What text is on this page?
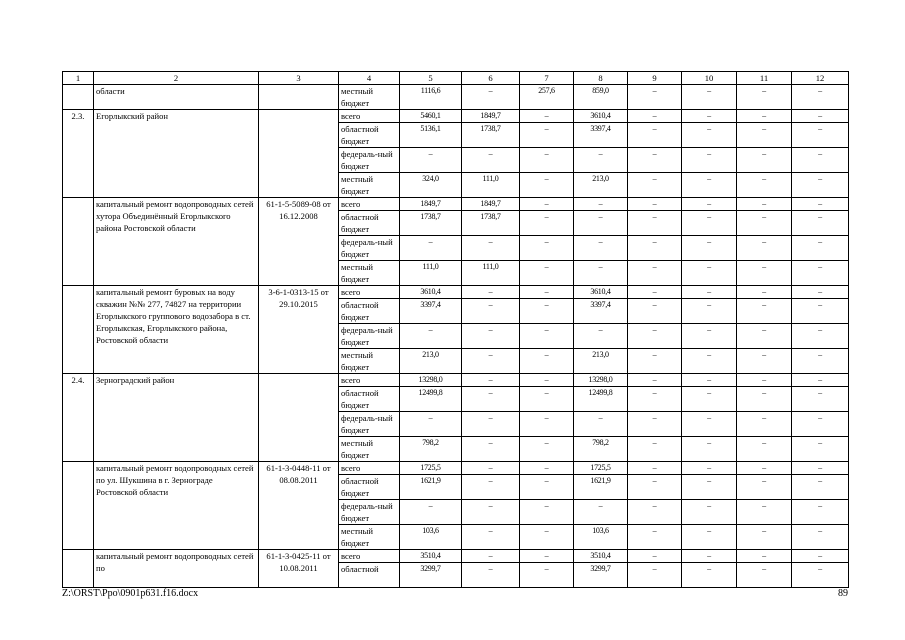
1	2	3	4	5	6	7	8	9	10	11	12
	области		местный бюджет	1116,6	–	257,6	859,0	–	–	–	–
2.3.	Егорлыкский район		всего	5460,1	1849,7	–	3610,4	–	–	–	–
			областной бюджет	5136,1	1738,7	–	3397,4	–	–	–	–
			федераль-ный бюджет	–	–	–	–	–	–	–	–
			местный бюджет	324,0	111,0	–	213,0	–	–	–	–
	капитальный ремонт водопроводных сетей хутора Объединённый Егорлыкского района Ростовской области	61-1-5-5089-08 от 16.12.2008	всего	1849,7	1849,7	–	–	–	–	–	–
			областной бюджет	1738,7	1738,7	–	–	–	–	–	–
			федераль-ный бюджет	–	–	–	–	–	–	–	–
			местный бюджет	111,0	111,0	–	–	–	–	–	–
	капитальный ремонт буровых на воду скважин №№ 277, 74827 на территории Егорлыкского группового водозабора в ст. Егорлыкская, Егорлыкского района, Ростовской области	3-6-1-0313-15 от 29.10.2015	всего	3610,4	–	–	3610,4	–	–	–	–
			областной бюджет	3397,4	–	–	3397,4	–	–	–	–
			федераль-ный бюджет	–	–	–	–	–	–	–	–
			местный бюджет	213,0	–	–	213,0	–	–	–	–
2.4.	Зерноградский район		всего	13298,0	–	–	13298,0	–	–	–	–
			областной бюджет	12499,8	–	–	12499,8	–	–	–	–
			федераль-ный бюджет	–	–	–	–	–	–	–	–
			местный бюджет	798,2	–	–	798,2	–	–	–	–
	капитальный ремонт водопроводных сетей по ул. Шукшина в г. Зернограде Ростовской области	61-1-3-0448-11 от 08.08.2011	всего	1725,5	–	–	1725,5	–	–	–	–
			областной бюджет	1621,9	–	–	1621,9	–	–	–	–
			федераль-ный бюджет	–	–	–	–	–	–	–	–
			местный бюджет	103,6	–	–	103,6	–	–	–	–
	капитальный ремонт водопроводных сетей по	61-1-3-0425-11 от 10.08.2011	всего	3510,4	–	–	3510,4	–	–	–	–
			областной	3299,7	–	–	3299,7	–	–	–	–
Z:\ORST\Ppo\0901p631.f16.docx	89
